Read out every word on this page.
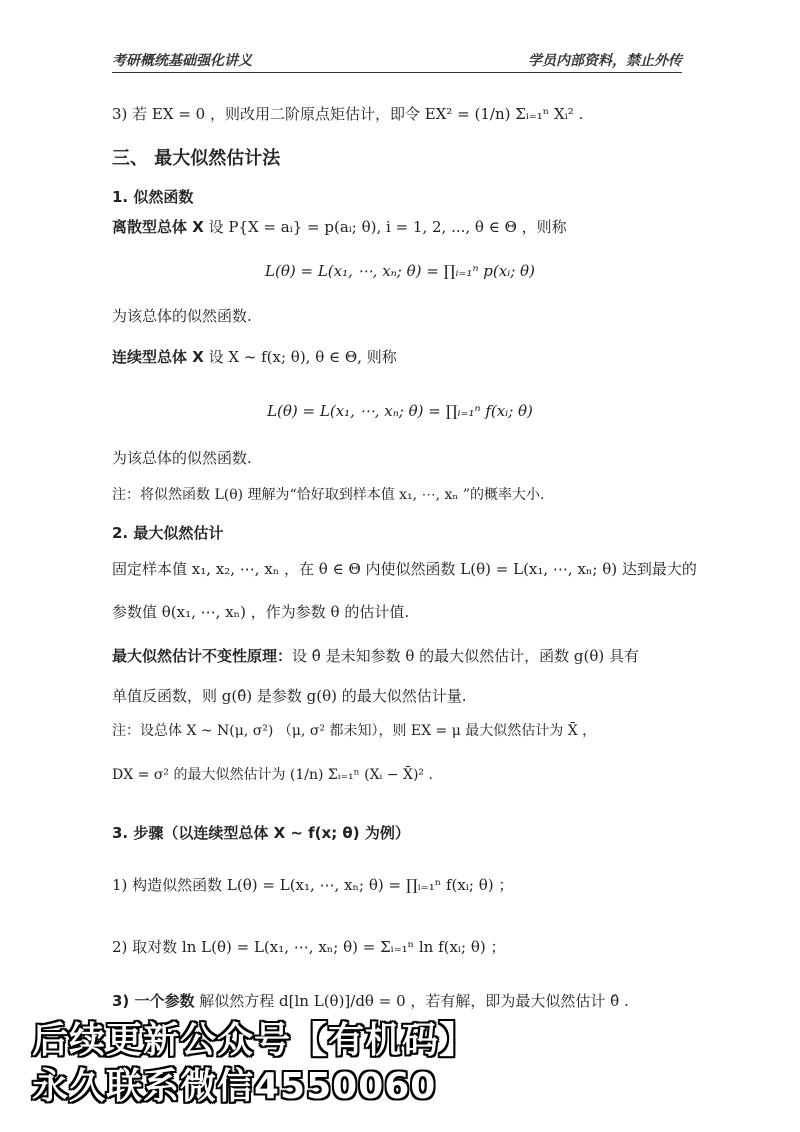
考研概统基础强化讲义	学员内部资料，禁止外传
3) 若 EX = 0 ，则改用二阶原点矩估计，即令 EX² = (1/n) Σᵢ₌₁ⁿ Xᵢ² .
三、 最大似然估计法
1. 似然函数
离散型总体 X 设 P{X = aᵢ} = p(aᵢ; θ), i = 1, 2, ..., θ ∈ Θ ，则称
L(θ) = L(x₁, ⋯, xₙ; θ) = ∏ᵢ₌₁ⁿ p(xᵢ; θ)
为该总体的似然函数.
连续型总体 X 设 X ~ f(x; θ), θ ∈ Θ, 则称
L(θ) = L(x₁, ⋯, xₙ; θ) = ∏ᵢ₌₁ⁿ f(xᵢ; θ)
为该总体的似然函数.
注：将似然函数 L(θ) 理解为“恰好取到样本值 x₁, ⋯, xₙ ”的概率大小.
2. 最大似然估计
固定样本值 x₁, x₂, ⋯, xₙ ，在 θ ∈ Θ 内使似然函数 L(θ) = L(x₁, ⋯, xₙ; θ) 达到最大的
参数值 θ(x₁, ⋯, xₙ) ，作为参数 θ 的估计值.
最大似然估计不变性原理：设 θ̂ 是未知参数 θ 的最大似然估计，函数 g(θ) 具有
单值反函数，则 g(θ̂) 是参数 g(θ) 的最大似然估计量.
注：设总体 X ~ N(μ, σ²) （μ, σ² 都未知），则 EX = μ 最大似然估计为 X̄ ，
DX = σ² 的最大似然估计为 (1/n) Σᵢ₌₁ⁿ (Xᵢ − X̄)² .
3. 步骤（以连续型总体 X ~ f(x; θ) 为例）
1) 构造似然函数 L(θ) = L(x₁, ⋯, xₙ; θ) = ∏ᵢ₌₁ⁿ f(xᵢ; θ) ；
2) 取对数 ln L(θ) = L(x₁, ⋯, xₙ; θ) = Σᵢ₌₁ⁿ ln f(xᵢ; θ) ；
3) 一个参数 解似然方程 d[ln L(θ)]/dθ = 0 ，若有解，即为最大似然估计 θ̂ .
后续更新公众号【有机码】
永久联系微信4550060
